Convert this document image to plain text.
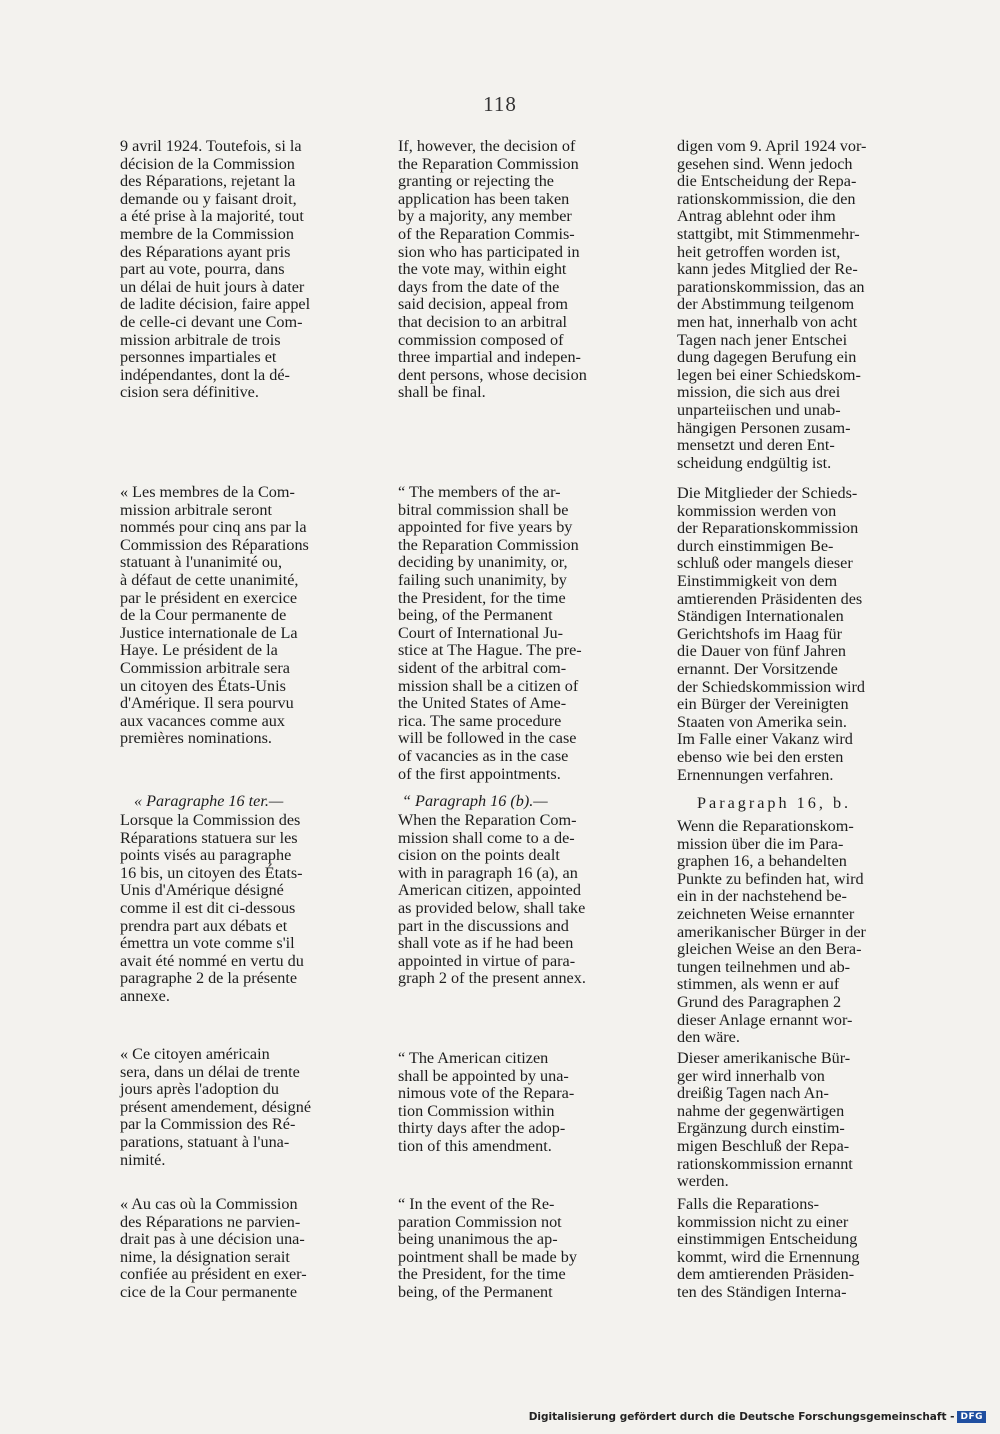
118
9 avril 1924. Toutefois, si la
décision de la Commission
des Réparations, rejetant la
demande ou y faisant droit,
a été prise à la majorité, tout
membre de la Commission
des Réparations ayant pris
part au vote, pourra, dans
un délai de huit jours à dater
de ladite décision, faire appel
de celle-ci devant une Com-
mission arbitrale de trois
personnes impartiales et
indépendantes, dont la dé-
cision sera définitive.
« Les membres de la Com-
mission arbitrale seront
nommés pour cinq ans par la
Commission des Réparations
statuant à l'unanimité ou,
à défaut de cette unanimité,
par le président en exercice
de la Cour permanente de
Justice internationale de La
Haye. Le président de la
Commission arbitrale sera
un citoyen des États-Unis
d'Amérique. Il sera pourvu
aux vacances comme aux
premières nominations.
« Paragraphe 16 ter.—
Lorsque la Commission des
Réparations statuera sur les
points visés au paragraphe
16 bis, un citoyen des États-
Unis d'Amérique désigné
comme il est dit ci-dessous
prendra part aux débats et
émettra un vote comme s'il
avait été nommé en vertu du
paragraphe 2 de la présente
annexe.
« Ce citoyen américain
sera, dans un délai de trente
jours après l'adoption du
présent amendement, désigné
par la Commission des Ré-
parations, statuant à l'una-
nimité.
« Au cas où la Commission
des Réparations ne parvien-
drait pas à une décision una-
nime, la désignation serait
confiée au président en exer-
cice de la Cour permanente
If, however, the decision of
the Reparation Commission
granting or rejecting the
application has been taken
by a majority, any member
of the Reparation Commis-
sion who has participated in
the vote may, within eight
days from the date of the
said decision, appeal from
that decision to an arbitral
commission composed of
three impartial and indepen-
dent persons, whose decision
shall be final.
“ The members of the ar-
bitral commission shall be
appointed for five years by
the Reparation Commission
deciding by unanimity, or,
failing such unanimity, by
the President, for the time
being, of the Permanent
Court of International Ju-
stice at The Hague. The pre-
sident of the arbitral com-
mission shall be a citizen of
the United States of Ame-
rica. The same procedure
will be followed in the case
of vacancies as in the case
of the first appointments.
“ Paragraph 16 (b).—
When the Reparation Com-
mission shall come to a de-
cision on the points dealt
with in paragraph 16 (a), an
American citizen, appointed
as provided below, shall take
part in the discussions and
shall vote as if he had been
appointed in virtue of para-
graph 2 of the present annex.
“ The American citizen
shall be appointed by una-
nimous vote of the Repara-
tion Commission within
thirty days after the adop-
tion of this amendment.
“ In the event of the Re-
paration Commission not
being unanimous the ap-
pointment shall be made by
the President, for the time
being, of the Permanent
digen vom 9. April 1924 vor-
gesehen sind. Wenn jedoch
die Entscheidung der Repa-
rationskommission, die den
Antrag ablehnt oder ihm
stattgibt, mit Stimmenmehr-
heit getroffen worden ist,
kann jedes Mitglied der Re-
parationskommission, das an
der Abstimmung teilgenom
men hat, innerhalb von acht
Tagen nach jener Entschei
dung dagegen Berufung ein
legen bei einer Schiedskom-
mission, die sich aus drei
unparteiischen und unab-
hängigen Personen zusam-
mensetzt und deren Ent-
scheidung endgültig ist.
Die Mitglieder der Schieds-
kommission werden von
der Reparationskommission
durch einstimmigen Be-
schluß oder mangels dieser
Einstimmigkeit von dem
amtierenden Präsidenten des
Ständigen Internationalen
Gerichtshofs im Haag für
die Dauer von fünf Jahren
ernannt. Der Vorsitzende
der Schiedskommission wird
ein Bürger der Vereinigten
Staaten von Amerika sein.
Im Falle einer Vakanz wird
ebenso wie bei den ersten
Ernennungen verfahren.
Paragraph 16, b.
Wenn die Reparationskom-
mission über die im Para-
graphen 16, a behandelten
Punkte zu befinden hat, wird
ein in der nachstehend be-
zeichneten Weise ernannter
amerikanischer Bürger in der
gleichen Weise an den Bera-
tungen teilnehmen und ab-
stimmen, als wenn er auf
Grund des Paragraphen 2
dieser Anlage ernannt wor-
den wäre.
Dieser amerikanische Bür-
ger wird innerhalb von
dreißig Tagen nach An-
nahme der gegenwärtigen
Ergänzung durch einstim-
migen Beschluß der Repa-
rationskommission ernannt
werden.
Falls die Reparations-
kommission nicht zu einer
einstimmigen Entscheidung
kommt, wird die Ernennung
dem amtierenden Präsiden-
ten des Ständigen Interna-
Digitalisierung gefördert durch die Deutsche Forschungsgemeinschaft - DFG
